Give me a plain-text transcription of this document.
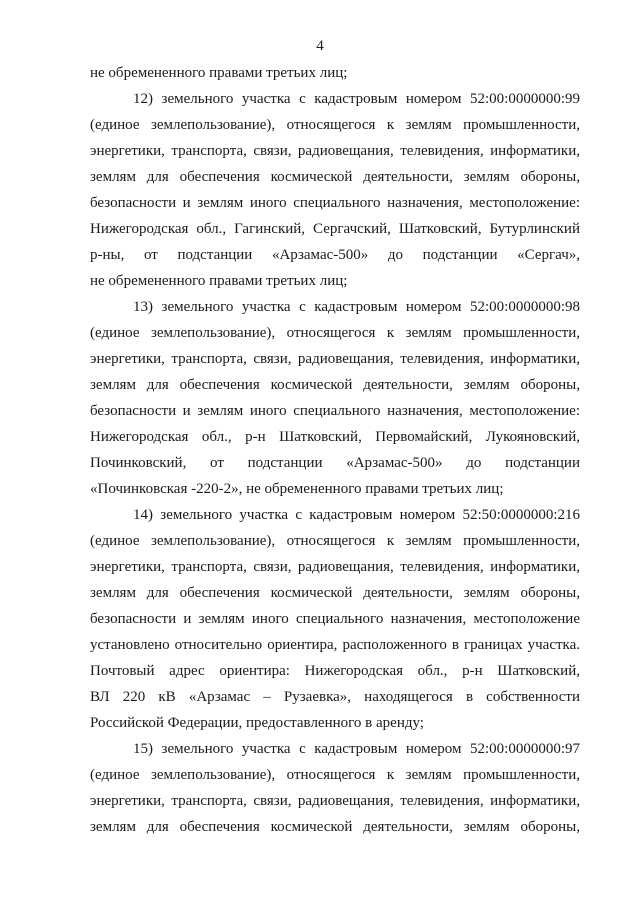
4
не обремененного правами третьих лиц;
12) земельного участка с кадастровым номером 52:00:0000000:99
(единое землепользование), относящегося к землям промышленности,
энергетики, транспорта, связи, радиовещания, телевидения, информатики,
землям для обеспечения космической деятельности, землям обороны,
безопасности и землям иного специального назначения, местоположение:
Нижегородская обл., Гагинский, Сергачский, Шатковский, Бутурлинский
р-ны, от подстанции «Арзамас-500» до подстанции «Сергач»,
не обремененного правами третьих лиц;
13) земельного участка с кадастровым номером 52:00:0000000:98
(единое землепользование), относящегося к землям промышленности,
энергетики, транспорта, связи, радиовещания, телевидения, информатики,
землям для обеспечения космической деятельности, землям обороны,
безопасности и землям иного специального назначения, местоположение:
Нижегородская обл., р-н Шатковский, Первомайский, Лукояновский,
Починковский, от подстанции «Арзамас-500» до подстанции
«Починковская -220-2», не обремененного правами третьих лиц;
14) земельного участка с кадастровым номером 52:50:0000000:216
(единое землепользование), относящегося к землям промышленности,
энергетики, транспорта, связи, радиовещания, телевидения, информатики,
землям для обеспечения космической деятельности, землям обороны,
безопасности и землям иного специального назначения, местоположение
установлено относительно ориентира, расположенного в границах участка.
Почтовый адрес ориентира: Нижегородская обл., р-н Шатковский,
ВЛ 220 кВ «Арзамас – Рузаевка», находящегося в собственности
Российской Федерации, предоставленного в аренду;
15) земельного участка с кадастровым номером 52:00:0000000:97
(единое землепользование), относящегося к землям промышленности,
энергетики, транспорта, связи, радиовещания, телевидения, информатики,
землям для обеспечения космической деятельности, землям обороны,
